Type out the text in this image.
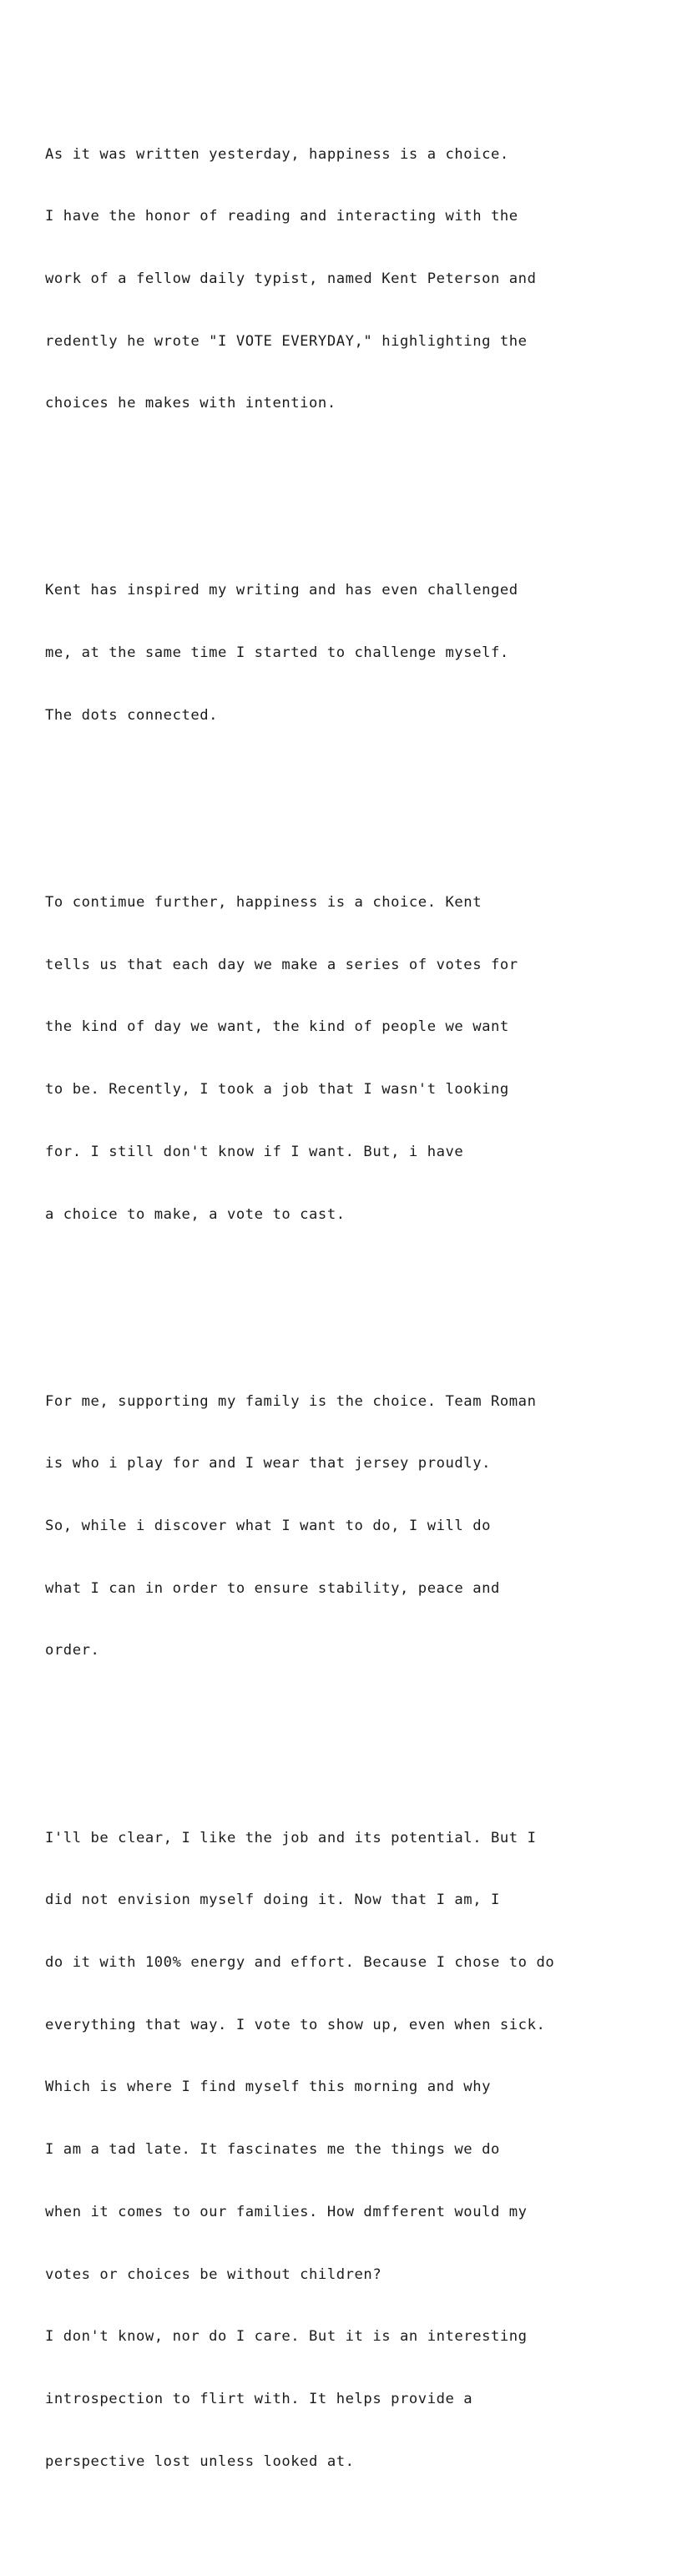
As it was written yesterday, happiness is a choice.

I have the honor of reading and interacting with the

work of a fellow daily typist, named Kent Peterson and

redently he wrote "I VOTE EVERYDAY," highlighting the

choices he makes with intention.

Kent has inspired my writing and has even challenged

me, at the same time I started to challenge myself.

The dots connected.

To contimue further, happiness is a choice. Kent

tells us that each day we make a series of votes for

the kind of day we want, the kind of people we want

to be. Recently, I took a job that I wasn't looking

for. I still don't know if I want. But, i have

a choice to make, a vote to cast.

For me, supporting my family is the choice. Team Roman

is who i play for and I wear that jersey proudly.

So, while i discover what I want to do, I will do

what I can in order to ensure stability, peace and

order.

I'll be clear, I like the job and its potential. But I

did not envision myself doing it. Now that I am, I

do it with 100% energy and effort. Because I chose to do

everything that way. I vote to show up, even when sick.

Which is where I find myself this morning and why

I am a tad late. It fascinates me the things we do

when it comes to our families. How dmfferent would my

votes or choices be without children?

I don't know, nor do I care. But it is an interesting

introspection to flirt with. It helps provide a

perspective lost unless looked at.
